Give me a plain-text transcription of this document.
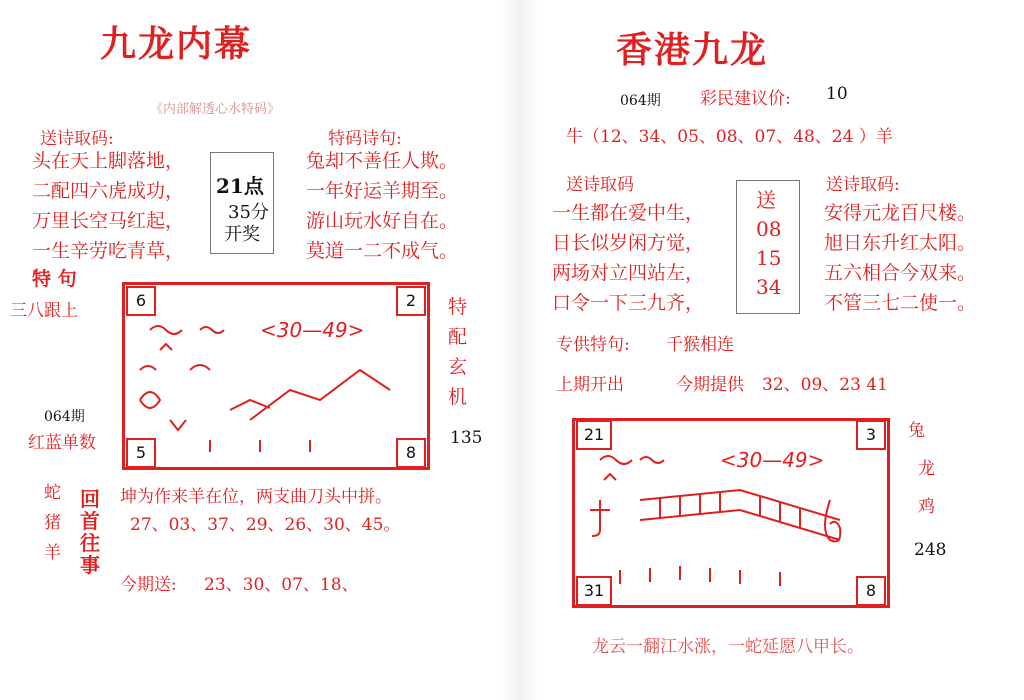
九龙内幕
《内部解透心水特码》
送诗取码:
头在天上脚落地，
二配四六虎成功，
万里长空马红起，
一生辛劳吃青草，
21点
35分
开奖
特码诗句:
兔却不善任人欺。
一年好运羊期至。
游山玩水好自在。
莫道一二不成气。
特 句
三八跟上
064期
红蓝单数
6	2
5	8
<30—49>
特
配
玄
机
135
蛇
猪
羊
回
首
往
事
坤为作来羊在位，两支曲刀头中拼。
27、03、37、29、26、30、45。
今期送: 23、30、07、18、
香港九龙
064期 彩民建议价: 10
牛（12、34、05、08、07、48、24 ）羊
送诗取码
一生都在爱中生，
日长似岁闲方觉，
两场对立四站左，
口令一下三九齐，
送
08
15
34
送诗取码:
安得元龙百尺楼。
旭日东升红太阳。
五六相合今双来。
不管三七二使一。
专供特句: 千猴相连
上期开出	今期提供 32、09、23 41
21	3
31	8
<30—49>
兔
龙
鸡
248
龙云一翻江水涨，一蛇延愿八甲长。
